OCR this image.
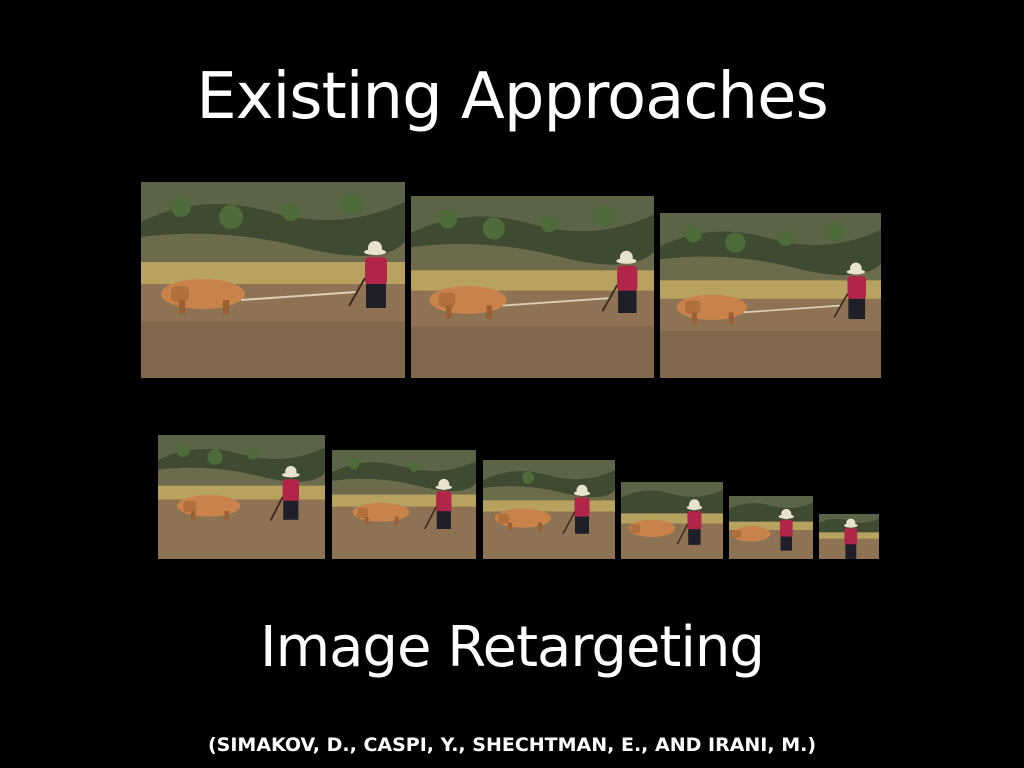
Existing Approaches
Image Retargeting
(SIMAKOV, D., CASPI, Y., SHECHTMAN, E., AND IRANI, M.)
